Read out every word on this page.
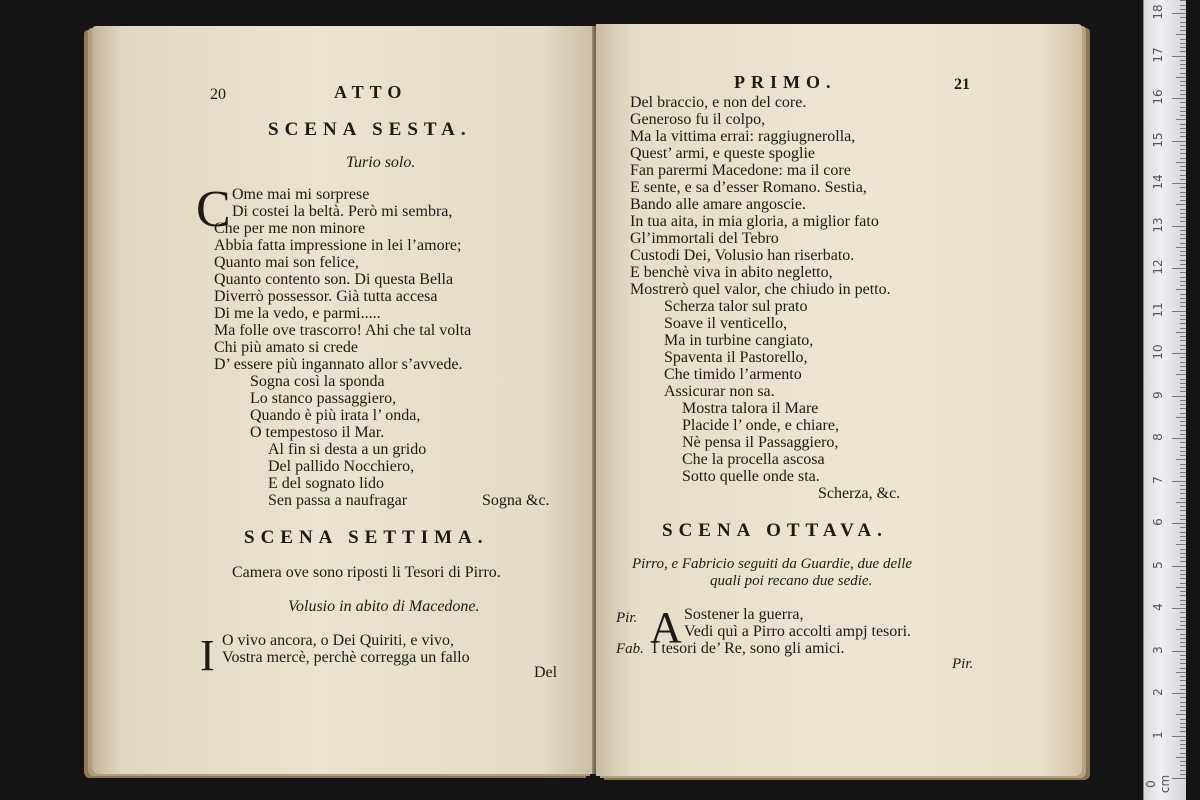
20	ATTO
SCENA SESTA.
Turio solo.
C Ome mai mi sorprese
Di costei la beltà. Però mi sembra,
Che per me non minore
Abbia fatta impressione in lei l’amore;
Quanto mai son felice,
Quanto contento son. Di questa Bella
Diverrò possessor. Già tutta accesa
Di me la vedo, e parmi.....
Ma folle ove trascorro! Ahi che tal volta
Chi più amato si crede
D’ essere più ingannato allor s’avvede.
Sogna così la sponda
Lo stanco passaggiero,
Quando è più irata l’ onda,
O tempestoso il Mar.
Al fin si desta a un grido
Del pallido Nocchiero,
E del sognato lido
Sen passa a naufragar	Sogna &c.
SCENA SETTIMA.
Camera ove sono riposti li Tesori di Pirro.
Volusio in abito di Macedone.
I O vivo ancora, o Dei Quiriti, e vivo,
Vostra mercè, perchè corregga un fallo
Del
PRIMO.	21
Del braccio, e non del core.
Generoso fu il colpo,
Ma la vittima errai: raggiugnerolla,
Quest’ armi, e queste spoglie
Fan parermi Macedone: ma il core
E sente, e sa d’esser Romano. Sestia,
Bando alle amare angoscie.
In tua aita, in mia gloria, a miglior fato
Gl’immortali del Tebro
Custodi Dei, Volusio han riserbato.
E benchè viva in abito negletto,
Mostrerò quel valor, che chiudo in petto.
Scherza talor sul prato
Soave il venticello,
Ma in turbine cangiato,
Spaventa il Pastorello,
Che timido l’armento
Assicurar non sa.
Mostra talora il Mare
Placide l’ onde, e chiare,
Nè pensa il Passaggiero,
Che la procella ascosa
Sotto quelle onde sta.
Scherza, &c.
SCENA OTTAVA.
Pirro, e Fabricio seguiti da Guardie, due delle
quali poi recano due sedie.
Pir. A Sostener la guerra,
Vedi quì a Pirro accolti ampj tesori.
Fab. I tesori de’ Re, sono gli amici.
Pir.
0 cm
1
2
3
4
5
6
7
8
9
10
11
12
13
14
15
16
17
18
